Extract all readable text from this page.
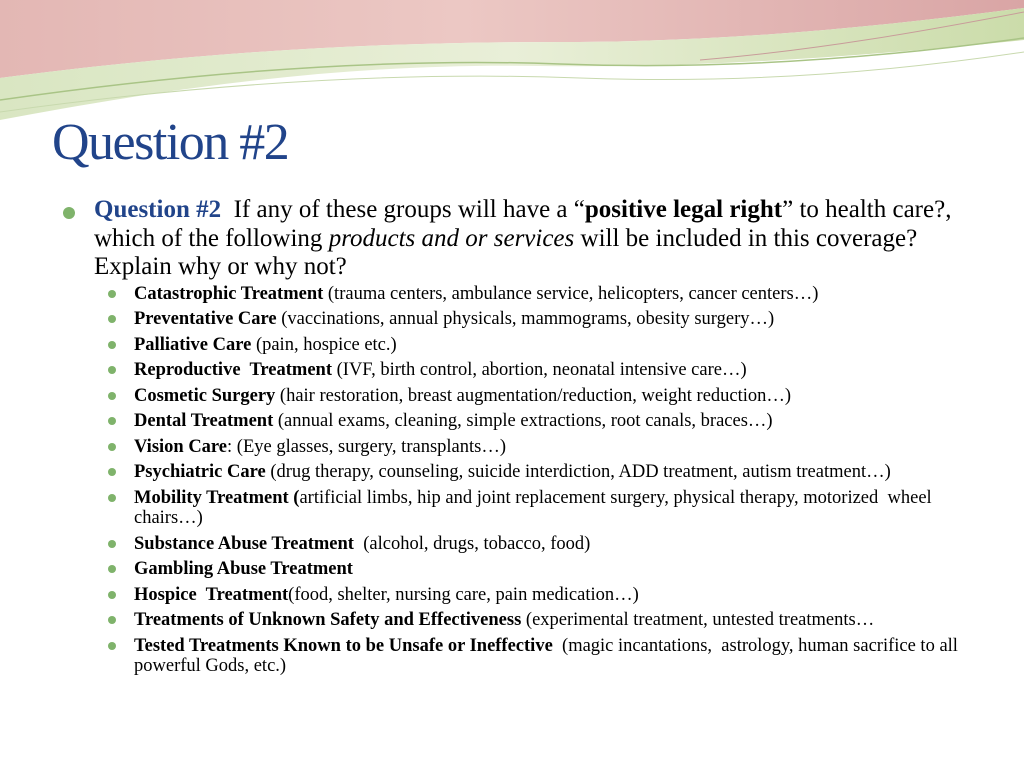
Question #2
Question #2  If any of these groups will have a “positive legal right” to health care?, which of the following products and or services will be included in this coverage? Explain why or why not?
Catastrophic Treatment (trauma centers, ambulance service, helicopters, cancer centers…)
Preventative Care (vaccinations, annual physicals, mammograms, obesity surgery…)
Palliative Care (pain, hospice etc.)
Reproductive  Treatment (IVF, birth control, abortion, neonatal intensive care…)
Cosmetic Surgery (hair restoration, breast augmentation/reduction, weight reduction…)
Dental Treatment (annual exams, cleaning, simple extractions, root canals, braces…)
Vision Care: (Eye glasses, surgery, transplants…)
Psychiatric Care (drug therapy, counseling, suicide interdiction, ADD treatment, autism treatment…)
Mobility Treatment (artificial limbs, hip and joint replacement surgery, physical therapy, motorized  wheel chairs…)
Substance Abuse Treatment  (alcohol, drugs, tobacco, food)
Gambling Abuse Treatment
Hospice  Treatment(food, shelter, nursing care, pain medication…)
Treatments of Unknown Safety and Effectiveness (experimental treatment, untested treatments…
Tested Treatments Known to be Unsafe or Ineffective  (magic incantations,  astrology, human sacrifice to all powerful Gods, etc.)
